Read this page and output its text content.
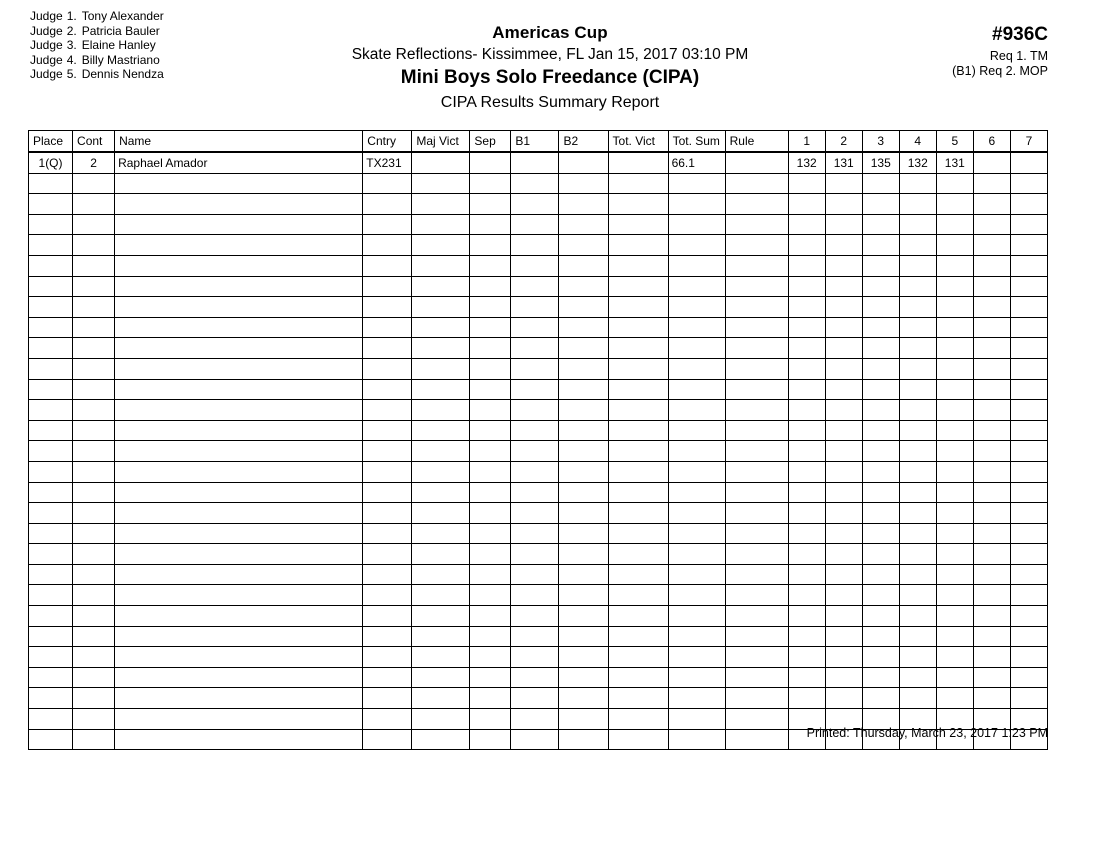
Judge 1. Tony Alexander
Judge 2. Patricia Bauler
Judge 3. Elaine Hanley
Judge 4. Billy Mastriano
Judge 5. Dennis Nendza
Americas Cup
Skate Reflections- Kissimmee, FL Jan 15, 2017 03:10 PM
Mini Boys Solo Freedance (CIPA)
CIPA Results Summary Report
#936C
Req 1. TM
(B1) Req 2. MOP
Place	Cont	Name	Cntry	Maj Vict	Sep	B1	B2	Tot. Vict	Tot. Sum	Rule	1	2	3	4	5	6	7
1(Q)	2	Raphael Amador	TX231						66.1		132	131	135	132	131		

Printed: Thursday, March 23, 2017 1:23 PM
